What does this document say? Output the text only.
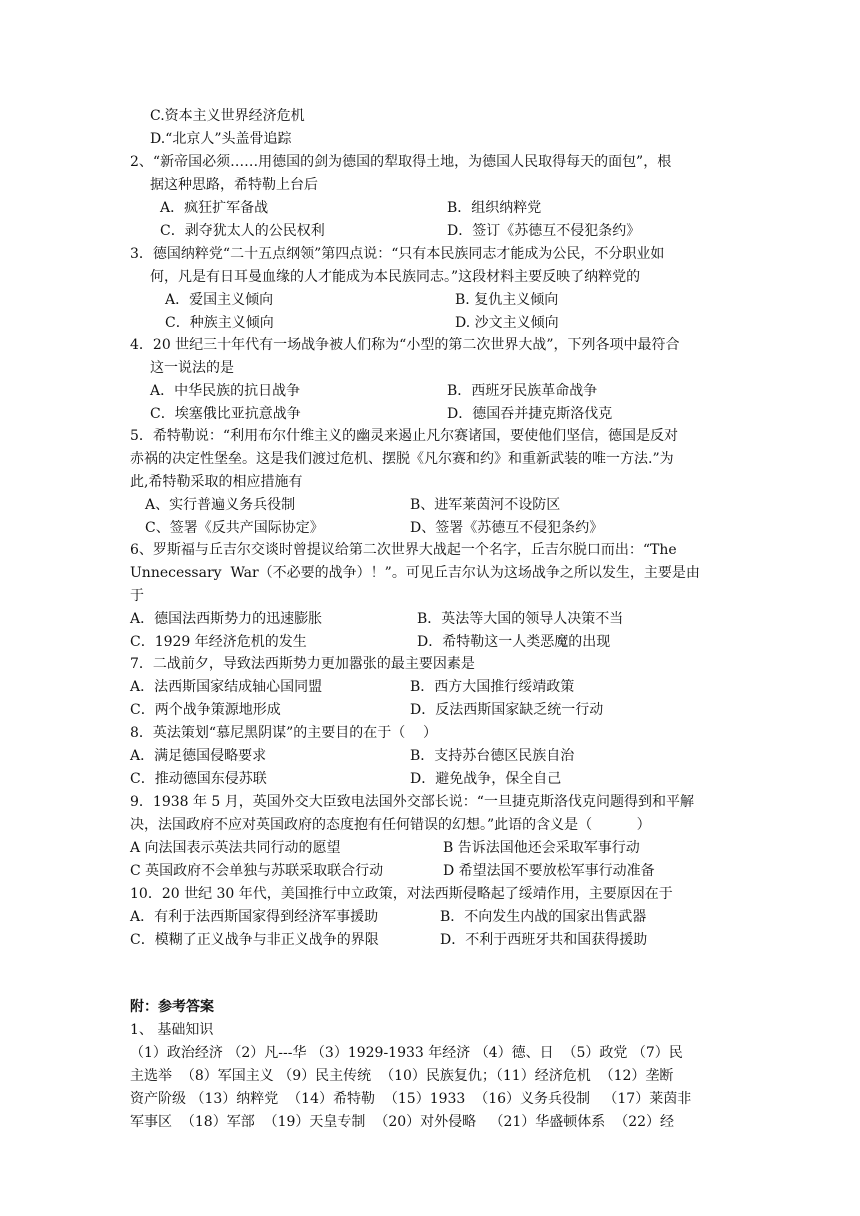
C.资本主义世界经济危机
D.“北京人”头盖骨追踪
2、“新帝国必须……用德国的剑为德国的犁取得土地，为德国人民取得每天的面包”，根
据这种思路，希特勒上台后
A．疯狂扩军备战	B．组织纳粹党
C．剥夺犹太人的公民权利	D．签订《苏德互不侵犯条约》
3．德国纳粹党“二十五点纲领”第四点说：“只有本民族同志才能成为公民，不分职业如
何，凡是有日耳曼血缘的人才能成为本民族同志。”这段材料主要反映了纳粹党的
A．爱国主义倾向	B. 复仇主义倾向
C．种族主义倾向	D. 沙文主义倾向
4．20 世纪三十年代有一场战争被人们称为“小型的第二次世界大战”，下列各项中最符合
这一说法的是
A．中华民族的抗日战争	B．西班牙民族革命战争
C．埃塞俄比亚抗意战争	D．德国吞并捷克斯洛伐克
5．希特勒说：“利用布尔什维主义的幽灵来遏止凡尔赛诸国，要使他们坚信，德国是反对
赤祸的决定性堡垒。这是我们渡过危机、摆脱《凡尔赛和约》和重新武装的唯一方法.”为
此,希特勒采取的相应措施有
A、实行普遍义务兵役制	B、进军莱茵河不设防区
C、签署《反共产国际协定》	D、签署《苏德互不侵犯条约》
6、罗斯福与丘吉尔交谈时曾提议给第二次世界大战起一个名字，丘吉尔脱口而出：“The
Unnecessary  War（不必要的战争）！”。可见丘吉尔认为这场战争之所以发生，主要是由
于
A．德国法西斯势力的迅速膨胀	B．英法等大国的领导人决策不当
C．1929 年经济危机的发生	D．希特勒这一人类恶魔的出现
7．二战前夕，导致法西斯势力更加嚣张的最主要因素是
A．法西斯国家结成轴心国同盟	B．西方大国推行绥靖政策
C．两个战争策源地形成	D．反法西斯国家缺乏统一行动
8．英法策划“慕尼黑阴谋”的主要目的在于（    ）
A．满足德国侵略要求	B．支持苏台德区民族自治
C．推动德国东侵苏联	D．避免战争，保全自己
9．1938 年 5 月，英国外交大臣致电法国外交部长说：“一旦捷克斯洛伐克问题得到和平解
决，法国政府不应对英国政府的态度抱有任何错误的幻想。”此语的含义是（          ）
A 向法国表示英法共同行动的愿望	B 告诉法国他还会采取军事行动
C 英国政府不会单独与苏联采取联合行动	D 希望法国不要放松军事行动准备
10．20 世纪 30 年代，美国推行中立政策，对法西斯侵略起了绥靖作用，主要原因在于
A．有利于法西斯国家得到经济军事援助	B．不向发生内战的国家出售武器
C．模糊了正义战争与非正义战争的界限	D．不利于西班牙共和国获得援助
附：参考答案
1、 基础知识
（1）政治经济 （2）凡---华 （3）1929-1933 年经济 （4）德、日  （5）政党 （7）民
主选举  （8）军国主义 （9）民主传统  （10）民族复仇；（11）经济危机  （12）垄断
资产阶级 （13）纳粹党  （14）希特勒  （15）1933  （16）义务兵役制   （17）莱茵非
军事区  （18）军部  （19）天皇专制  （20）对外侵略   （21）华盛顿体系  （22）经
